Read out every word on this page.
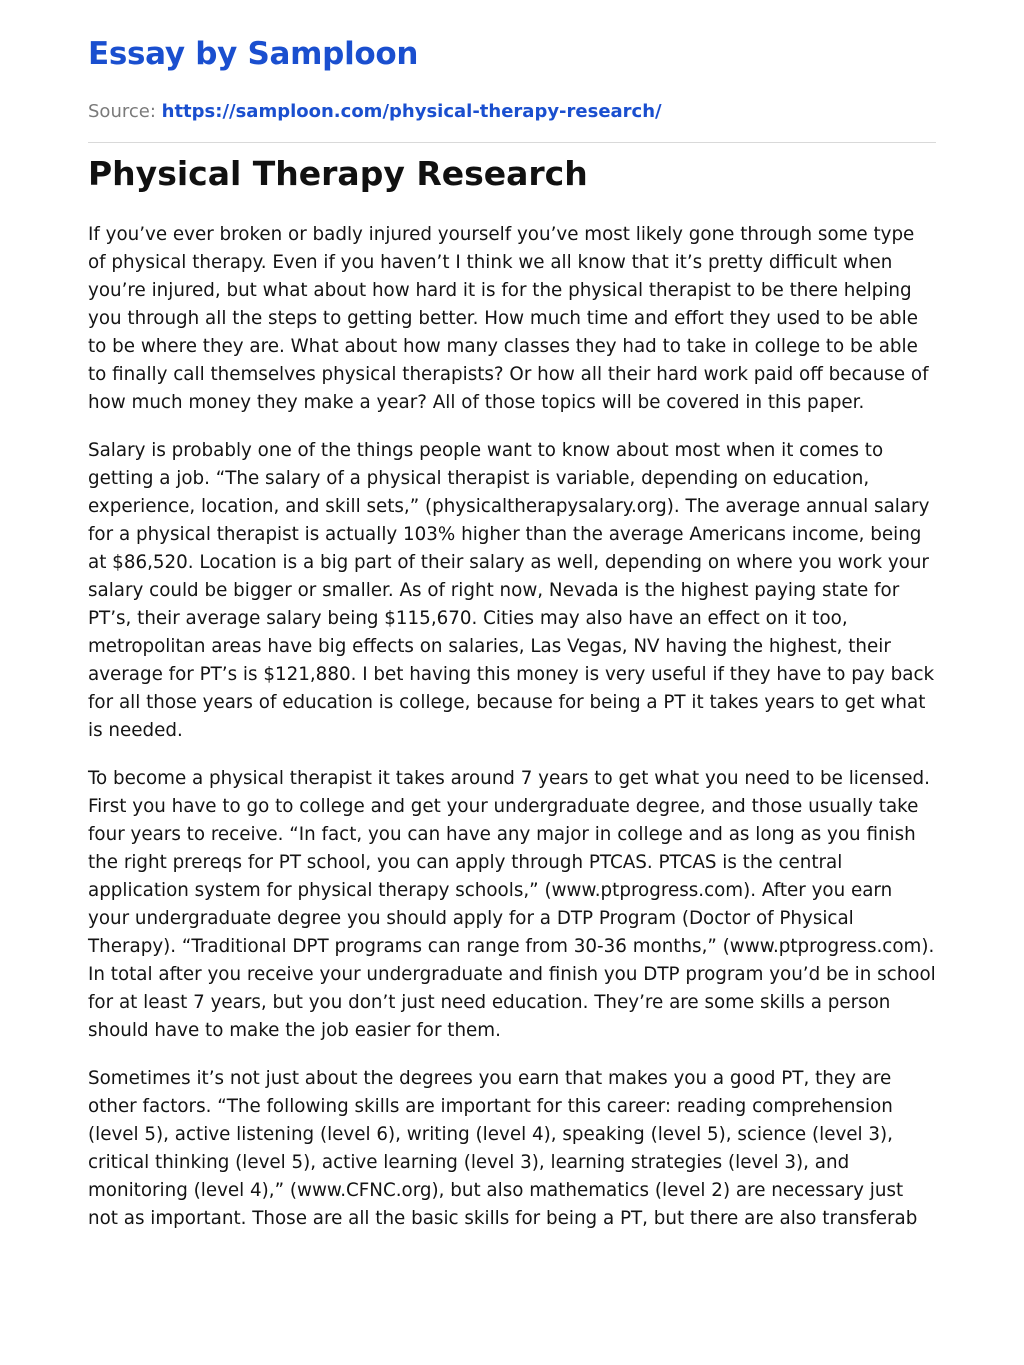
Essay by Samploon
Source: https://samploon.com/physical-therapy-research/
Physical Therapy Research

If you’ve ever broken or badly injured yourself you’ve most likely gone through some type of physical therapy. Even if you haven’t I think we all know that it’s pretty difficult when you’re injured, but what about how hard it is for the physical therapist to be there helping you through all the steps to getting better. How much time and effort they used to be able to be where they are. What about how many classes they had to take in college to be able to finally call themselves physical therapists? Or how all their hard work paid off because of how much money they make a year? All of those topics will be covered in this paper.

Salary is probably one of the things people want to know about most when it comes to getting a job. “The salary of a physical therapist is variable, depending on education, experience, location, and skill sets,” (physicaltherapysalary.org). The average annual salary for a physical therapist is actually 103% higher than the average Americans income, being at $86,520. Location is a big part of their salary as well, depending on where you work your salary could be bigger or smaller. As of right now, Nevada is the highest paying state for PT’s, their average salary being $115,670. Cities may also have an effect on it too, metropolitan areas have big effects on salaries, Las Vegas, NV having the highest, their average for PT’s is $121,880. I bet having this money is very useful if they have to pay back for all those years of education is college, because for being a PT it takes years to get what is needed.

To become a physical therapist it takes around 7 years to get what you need to be licensed. First you have to go to college and get your undergraduate degree, and those usually take four years to receive. “In fact, you can have any major in college and as long as you finish the right prereqs for PT school, you can apply through PTCAS. PTCAS is the central application system for physical therapy schools,” (www.ptprogress.com). After you earn your undergraduate degree you should apply for a DTP Program (Doctor of Physical Therapy). “Traditional DPT programs can range from 30-36 months,” (www.ptprogress.com). In total after you receive your undergraduate and finish you DTP program you’d be in school for at least 7 years, but you don’t just need education. They’re are some skills a person should have to make the job easier for them.

Sometimes it’s not just about the degrees you earn that makes you a good PT, they are other factors. “The following skills are important for this career: reading comprehension (level 5), active listening (level 6), writing (level 4), speaking (level 5), science (level 3), critical thinking (level 5), active learning (level 3), learning strategies (level 3), and monitoring (level 4),” (www.CFNC.org), but also mathematics (level 2) are necessary just not as important. Those are all the basic skills for being a PT, but there are also transferab
